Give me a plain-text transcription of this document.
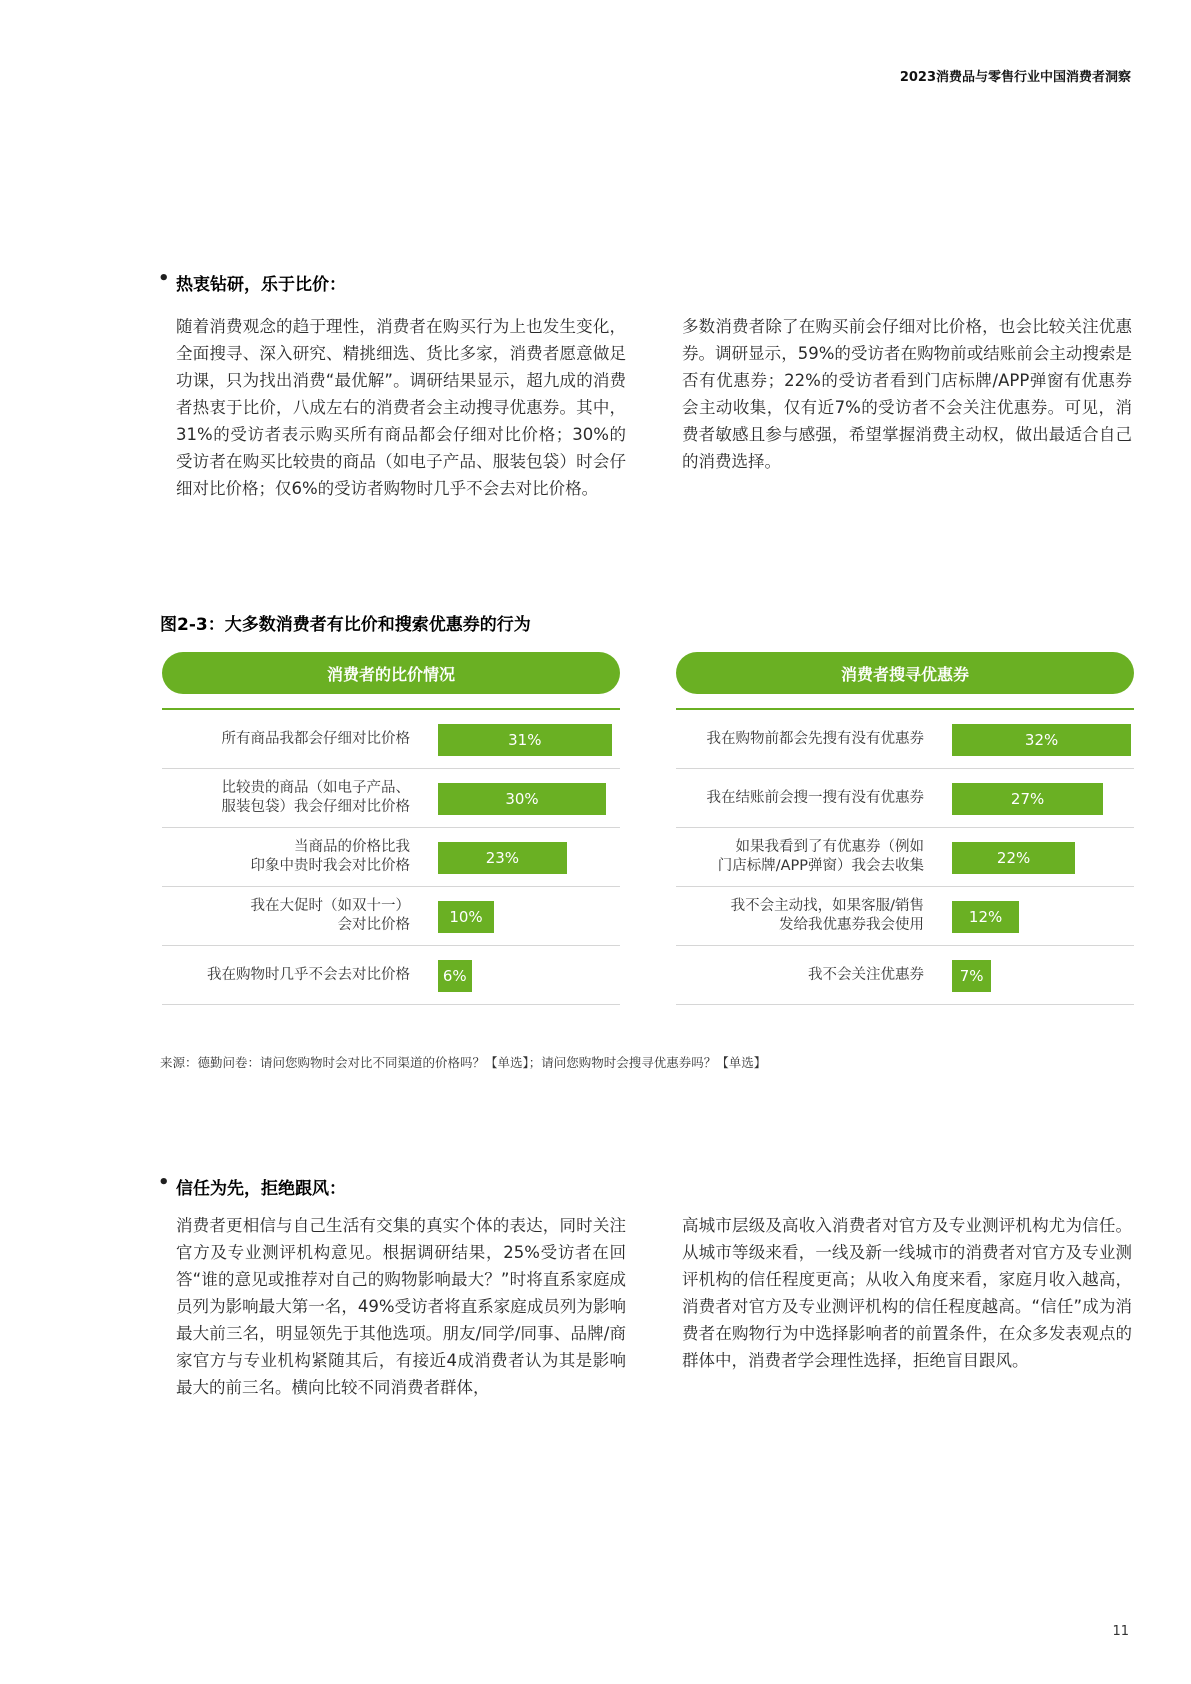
2023消费品与零售行业中国消费者洞察
• 热衷钻研，乐于比价：
随着消费观念的趋于理性，消费者在购买行为上也发生变化，全面搜寻、深入研究、精挑细选、货比多家，消费者愿意做足功课，只为找出消费“最优解”。调研结果显示，超九成的消费者热衷于比价，八成左右的消费者会主动搜寻优惠券。其中，31%的受访者表示购买所有商品都会仔细对比价格；30%的受访者在购买比较贵的商品（如电子产品、服装包袋）时会仔细对比价格；仅6%的受访者购物时几乎不会去对比价格。
多数消费者除了在购买前会仔细对比价格，也会比较关注优惠券。调研显示，59%的受访者在购物前或结账前会主动搜索是否有优惠券；22%的受访者看到门店标牌/APP弹窗有优惠券会主动收集，仅有近7%的受访者不会关注优惠券。可见，消费者敏感且参与感强，希望掌握消费主动权，做出最适合自己的消费选择。
图2-3：大多数消费者有比价和搜索优惠券的行为
消费者的比价情况
所有商品我都会仔细对比价格	31%
比较贵的商品（如电子产品、
服装包袋）我会仔细对比价格	30%
当商品的价格比我
印象中贵时我会对比价格	23%
我在大促时（如双十一）
会对比价格	10%
我在购物时几乎不会去对比价格 6%
消费者搜寻优惠券
我在购物前都会先搜有没有优惠券	32%
我在结账前会搜一搜有没有优惠券	27%
如果我看到了有优惠券（例如
门店标牌/APP弹窗）我会去收集	22%
我不会主动找，如果客服/销售
发给我优惠券我会使用	12%
我不会关注优惠券 7%
来源：德勤问卷：请问您购物时会对比不同渠道的价格吗？【单选】；请问您购物时会搜寻优惠券吗？【单选】
• 信任为先，拒绝跟风：
消费者更相信与自己生活有交集的真实个体的表达，同时关注官方及专业测评机构意见。根据调研结果，25%受访者在回答“谁的意见或推荐对自己的购物影响最大？”时将直系家庭成员列为影响最大第一名，49%受访者将直系家庭成员列为影响最大前三名，明显领先于其他选项。朋友/同学/同事、品牌/商家官方与专业机构紧随其后，有接近4成消费者认为其是影响最大的前三名。横向比较不同消费者群体，
高城市层级及高收入消费者对官方及专业测评机构尤为信任。从城市等级来看，一线及新一线城市的消费者对官方及专业测评机构的信任程度更高；从收入角度来看，家庭月收入越高，消费者对官方及专业测评机构的信任程度越高。“信任”成为消费者在购物行为中选择影响者的前置条件，在众多发表观点的群体中，消费者学会理性选择，拒绝盲目跟风。
11
